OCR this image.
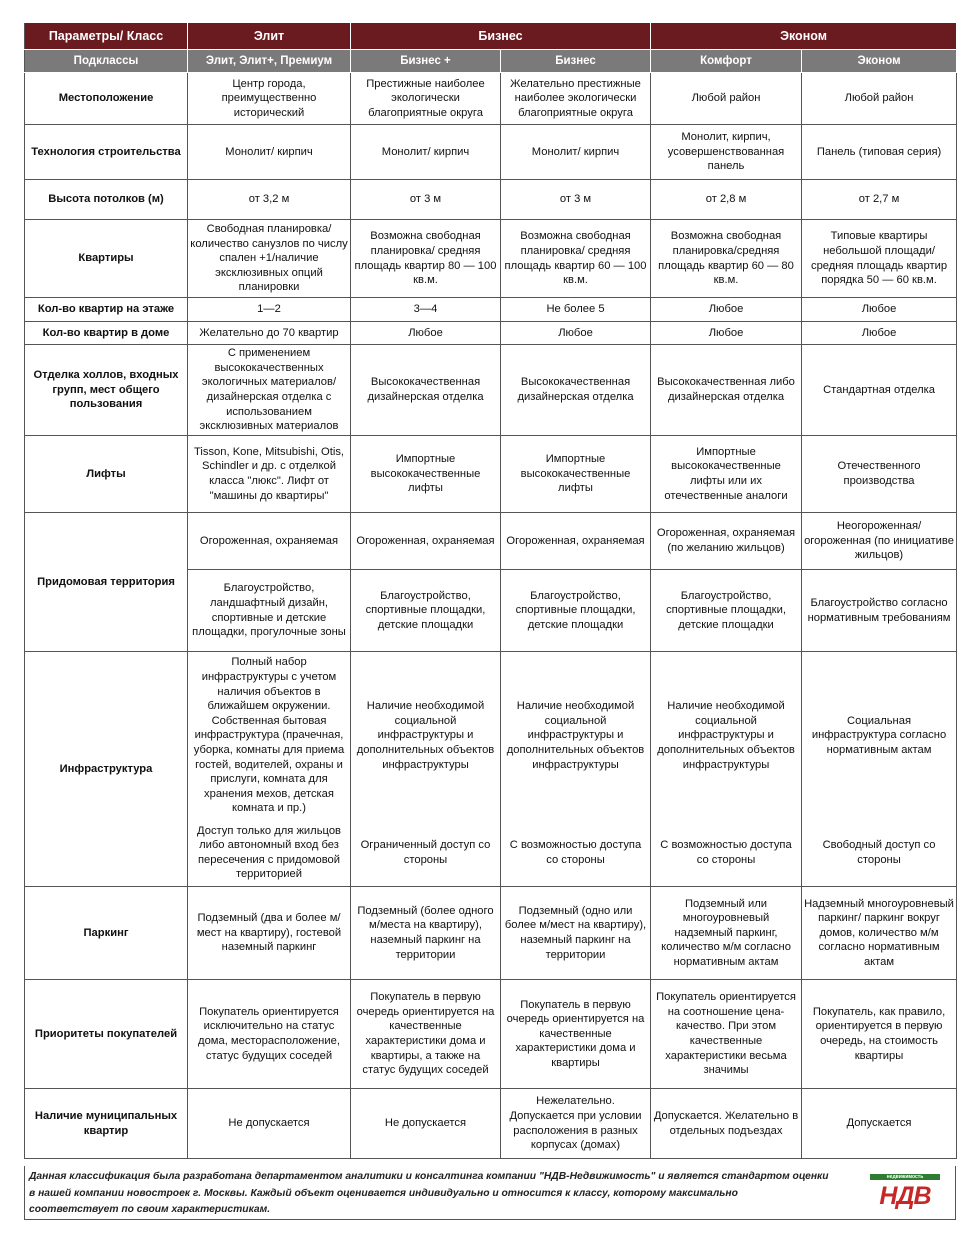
Параметры/ Класс	Элит	Бизнес		Эконом	
Подклассы	Элит, Элит+, Премиум	Бизнес +	Бизнес	Комфорт	Эконом
Местоположение	Центр города, преимущественно исторический	Престижные наиболее экологически благоприятные округа	Желательно престижные наиболее экологически благоприятные округа	Любой район	Любой район
Технология строительства	Монолит/ кирпич	Монолит/ кирпич	Монолит/ кирпич	Монолит, кирпич, усовершенствованная панель	Панель (типовая серия)
Высота потолков (м)	от 3,2 м	от 3 м	от 3 м	от 2,8 м	от 2,7 м
Квартиры	Свободная планировка/количество санузлов по числу спален +1/наличие эксклюзивных опций планировки	Возможна свободная планировка/ средняя площадь квартир 80 — 100 кв.м.	Возможна свободная планировка/ средняя площадь квартир 60 — 100 кв.м.	Возможна свободная планировка/средняя площадь квартир 60 — 80 кв.м.	Типовые квартиры небольшой площади/ средняя площадь квартир порядка 50 — 60 кв.м.
Кол-во квартир на этаже	1—2	3—4	Не более 5	Любое	Любое
Кол-во квартир в доме	Желательно до 70 квартир	Любое	Любое	Любое	Любое
Отделка холлов, входных групп, мест общего пользования	С применением высококачественных экологичных материалов/ дизайнерская отделка с использованием эксклюзивных материалов	Высококачественная дизайнерская отделка	Высококачественная дизайнерская отделка	Высококачественная либо дизайнерская отделка	Стандартная отделка
Лифты	Tisson, Kone, Mitsubishi, Otis, Schindler и др. с отделкой класса "люкс". Лифт от "машины до квартиры"	Импортные высококачественные лифты	Импортные высококачественные лифты	Импортные высококачественные лифты или их отечественные аналоги	Отечественного производства
Придомовая территория	Огороженная, охраняемая	Огороженная, охраняемая	Огороженная, охраняемая	Огороженная, охраняемая (по желанию жильцов)	Неогороженная/ огороженная (по инициативе жильцов)
	Благоустройство, ландшафтный дизайн, спортивные и детские площадки, прогулочные зоны	Благоустройство, спортивные площадки, детские площадки	Благоустройство, спортивные площадки, детские площадки	Благоустройство, спортивные площадки, детские площадки	Благоустройство согласно нормативным требованиям
Инфраструктура	Полный набор инфраструктуры с учетом наличия объектов в ближайшем окружении. Собственная бытовая инфраструктура (прачечная, уборка, комнаты для приема гостей, водителей, охраны и прислуги, комната для хранения мехов, детская комната и пр.)	Наличие необходимой социальной инфраструктуры и дополнительных объектов инфраструктуры	Наличие необходимой социальной инфраструктуры и дополнительных объектов инфраструктуры	Наличие необходимой социальной инфраструктуры и дополнительных объектов инфраструктуры	Социальная инфраструктура согласно нормативным актам
	Доступ только для жильцов либо автономный вход без пересечения с придомовой территорией	Ограниченный доступ со стороны	С возможностью доступа со стороны	С возможностью доступа со стороны	Свободный доступ со стороны
Паркинг	Подземный (два и более м/мест на квартиру), гостевой наземный паркинг	Подземный (более одного м/места на квартиру), наземный паркинг на территории	Подземный (одно или более м/мест на квартиру), наземный паркинг на территории	Подземный или многоуровневый надземный паркинг, количество м/м согласно нормативным актам	Надземный многоуровневый паркинг/ паркинг вокруг домов, количество м/м согласно нормативным актам
Приоритеты покупателей	Покупатель ориентируется исключительно на статус дома, месторасположение, статус будущих соседей	Покупатель в первую очередь ориентируется на качественные характеристики дома и квартиры, а также на статус будущих соседей	Покупатель в первую очередь ориентируется на качественные характеристики дома и квартиры	Покупатель ориентируется на соотношение цена-качество. При этом качественные характеристики весьма значимы	Покупатель, как правило, ориентируется в первую очередь, на стоимость квартиры
Наличие муниципальных квартир	Не допускается	Не допускается	Нежелательно. Допускается при условии расположения в разных корпусах (домах)	Допускается. Желательно в отдельных подъездах	Допускается
Данная классификация была разработана департаментом аналитики и консалтинга компании "НДВ-Недвижимость" и является стандартом оценки в нашей компании новостроек г. Москвы. Каждый объект оценивается индивидуально и относится к классу, которому максимально соответствует по своим характеристикам.
недвижимость
НДВ
